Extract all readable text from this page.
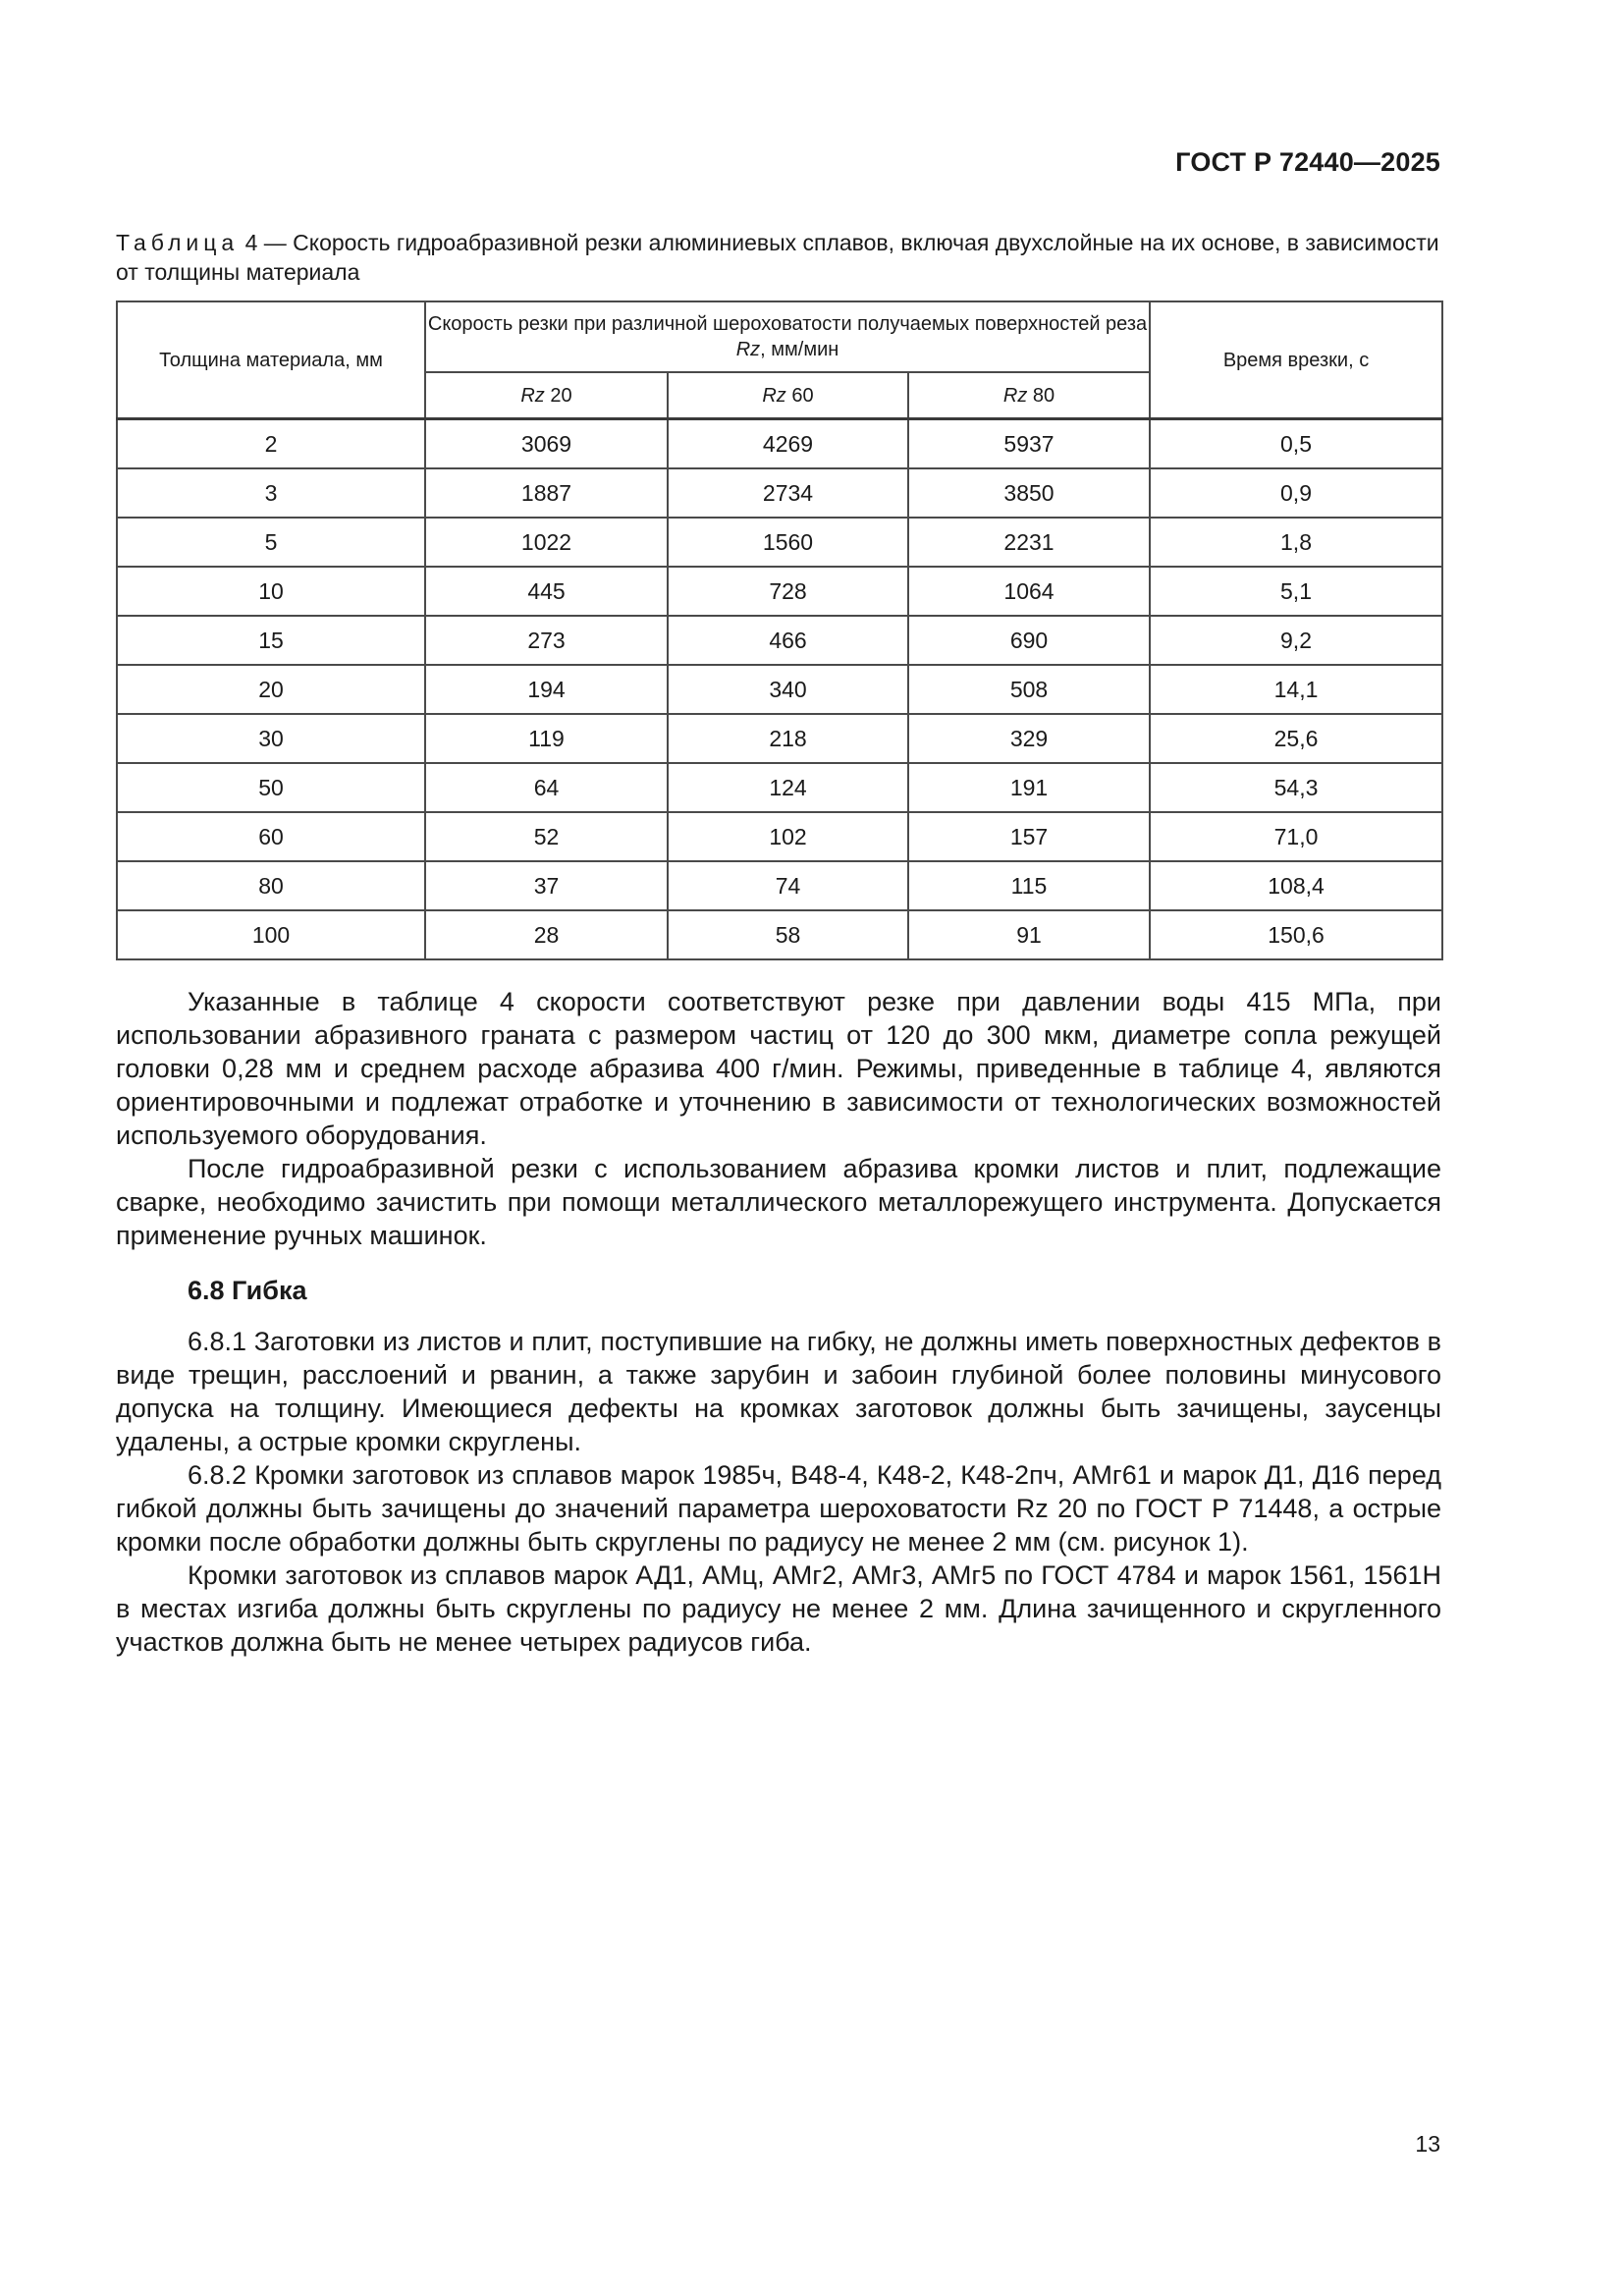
ГОСТ Р 72440—2025
Таблица 4 — Скорость гидроабразивной резки алюминиевых сплавов, включая двухслойные на их основе, в зависимости от толщины материала
Толщина материала, мм	Скорость резки при различной шероховатости получаемых поверхностей реза Rz, мм/мин			Время врезки, с
	Rz 20	Rz 60	Rz 80	
2	3069	4269	5937	0,5
3	1887	2734	3850	0,9
5	1022	1560	2231	1,8
10	445	728	1064	5,1
15	273	466	690	9,2
20	194	340	508	14,1
30	119	218	329	25,6
50	64	124	191	54,3
60	52	102	157	71,0
80	37	74	115	108,4
100	28	58	91	150,6

Указанные в таблице 4 скорости соответствуют резке при давлении воды 415 МПа, при использовании абразивного граната с размером частиц от 120 до 300 мкм, диаметре сопла режущей головки 0,28 мм и среднем расходе абразива 400 г/мин. Режимы, приведенные в таблице 4, являются ориентировочными и подлежат отработке и уточнению в зависимости от технологических возможностей используемого оборудования.

После гидроабразивной резки с использованием абразива кромки листов и плит, подлежащие сварке, необходимо зачистить при помощи металлического металлорежущего инструмента. Допускается применение ручных машинок.

6.8 Гибка

6.8.1 Заготовки из листов и плит, поступившие на гибку, не должны иметь поверхностных дефектов в виде трещин, расслоений и рванин, а также зарубин и забоин глубиной более половины минусового допуска на толщину. Имеющиеся дефекты на кромках заготовок должны быть зачищены, заусенцы удалены, а острые кромки скруглены.

6.8.2 Кромки заготовок из сплавов марок 1985ч, В48-4, К48-2, К48-2пч, АМг61 и марок Д1, Д16 перед гибкой должны быть зачищены до значений параметра шероховатости Rz 20 по ГОСТ Р 71448, а острые кромки после обработки должны быть скруглены по радиусу не менее 2 мм (см. рисунок 1).

Кромки заготовок из сплавов марок АД1, АМц, АМг2, АМг3, АМг5 по ГОСТ 4784 и марок 1561, 1561Н в местах изгиба должны быть скруглены по радиусу не менее 2 мм. Длина зачищенного и скругленного участков должна быть не менее четырех радиусов гиба.

13
